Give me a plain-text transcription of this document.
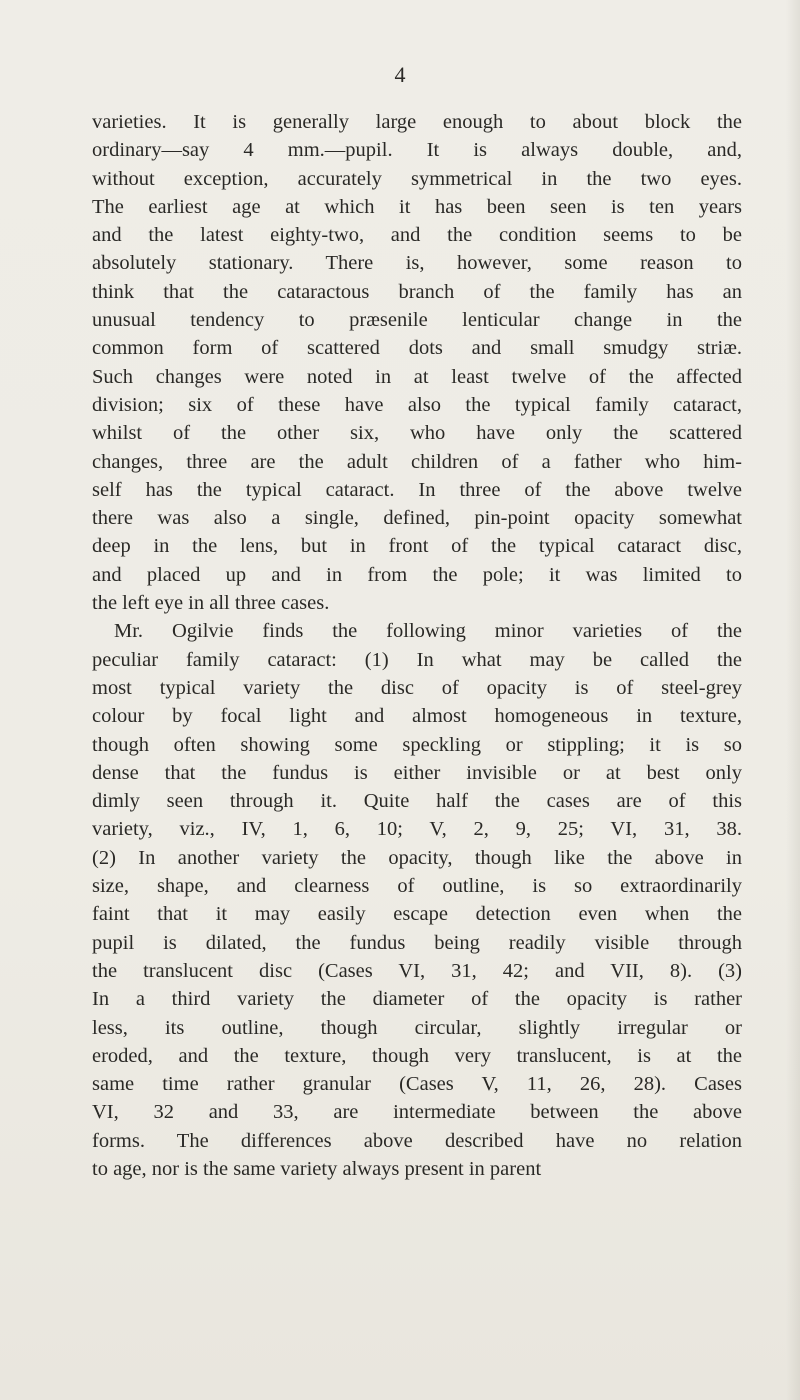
4
varieties. It is generally large enough to about block the
ordinary—say 4 mm.—pupil. It is always double, and,
without exception, accurately symmetrical in the two eyes.
The earliest age at which it has been seen is ten years
and the latest eighty-two, and the condition seems to be
absolutely stationary. There is, however, some reason to
think that the cataractous branch of the family has an
unusual tendency to præsenile lenticular change in the
common form of scattered dots and small smudgy striæ.
Such changes were noted in at least twelve of the affected
division; six of these have also the typical family cataract,
whilst of the other six, who have only the scattered
changes, three are the adult children of a father who him-
self has the typical cataract. In three of the above twelve
there was also a single, defined, pin-point opacity somewhat
deep in the lens, but in front of the typical cataract disc,
and placed up and in from the pole; it was limited to
the left eye in all three cases.
Mr. Ogilvie finds the following minor varieties of the
peculiar family cataract: (1) In what may be called the
most typical variety the disc of opacity is of steel-grey
colour by focal light and almost homogeneous in texture,
though often showing some speckling or stippling; it is so
dense that the fundus is either invisible or at best only
dimly seen through it. Quite half the cases are of this
variety, viz., IV, 1, 6, 10; V, 2, 9, 25; VI, 31, 38.
(2) In another variety the opacity, though like the above in
size, shape, and clearness of outline, is so extraordinarily
faint that it may easily escape detection even when the
pupil is dilated, the fundus being readily visible through
the translucent disc (Cases VI, 31, 42; and VII, 8). (3)
In a third variety the diameter of the opacity is rather
less, its outline, though circular, slightly irregular or
eroded, and the texture, though very translucent, is at the
same time rather granular (Cases V, 11, 26, 28). Cases
VI, 32 and 33, are intermediate between the above
forms. The differences above described have no relation
to age, nor is the same variety always present in parent
